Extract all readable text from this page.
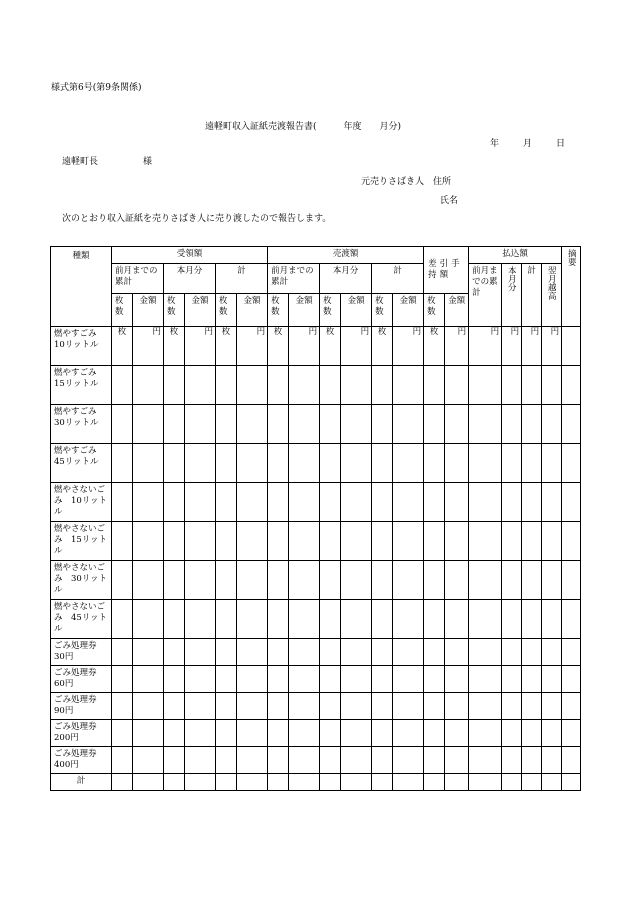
様式第6号(第9条関係)
遠軽町収入証紙売渡報告書(　　　年度　　月分)
年	月	日
遠軽町長　　　　　様
元売りさばき人　住所
氏名
次のとおり収入証紙を売りさばき人に売り渡したので報告します。
種類	受領額						売渡額						差引手持額		払込額				摘要

	前月までの累計		本月分		計		前月までの累計		本月分		計				前月までの累計	本月分	計	翌月越高	

	枚数	金額	枚数	金額	枚数	金額	枚数	金額	枚数	金額	枚数	金額	枚数	金額					
燃やすごみ　10リットル	枚	円	枚	円	枚	円	枚	円	枚	円	枚	円	枚	円	円	円	円	円	
燃やすごみ　15リットル																			
燃やすごみ　30リットル																			
燃やすごみ　45リットル																			
燃やさないごみ　10リットル																			
燃やさないごみ　15リットル																			
燃やさないごみ　30リットル																			
燃やさないごみ　45リットル																			
ごみ処理券　30円																			
ごみ処理券　60円																			
ごみ処理券　90円																			
ごみ処理券　200円																			
ごみ処理券　400円																			
計																			
